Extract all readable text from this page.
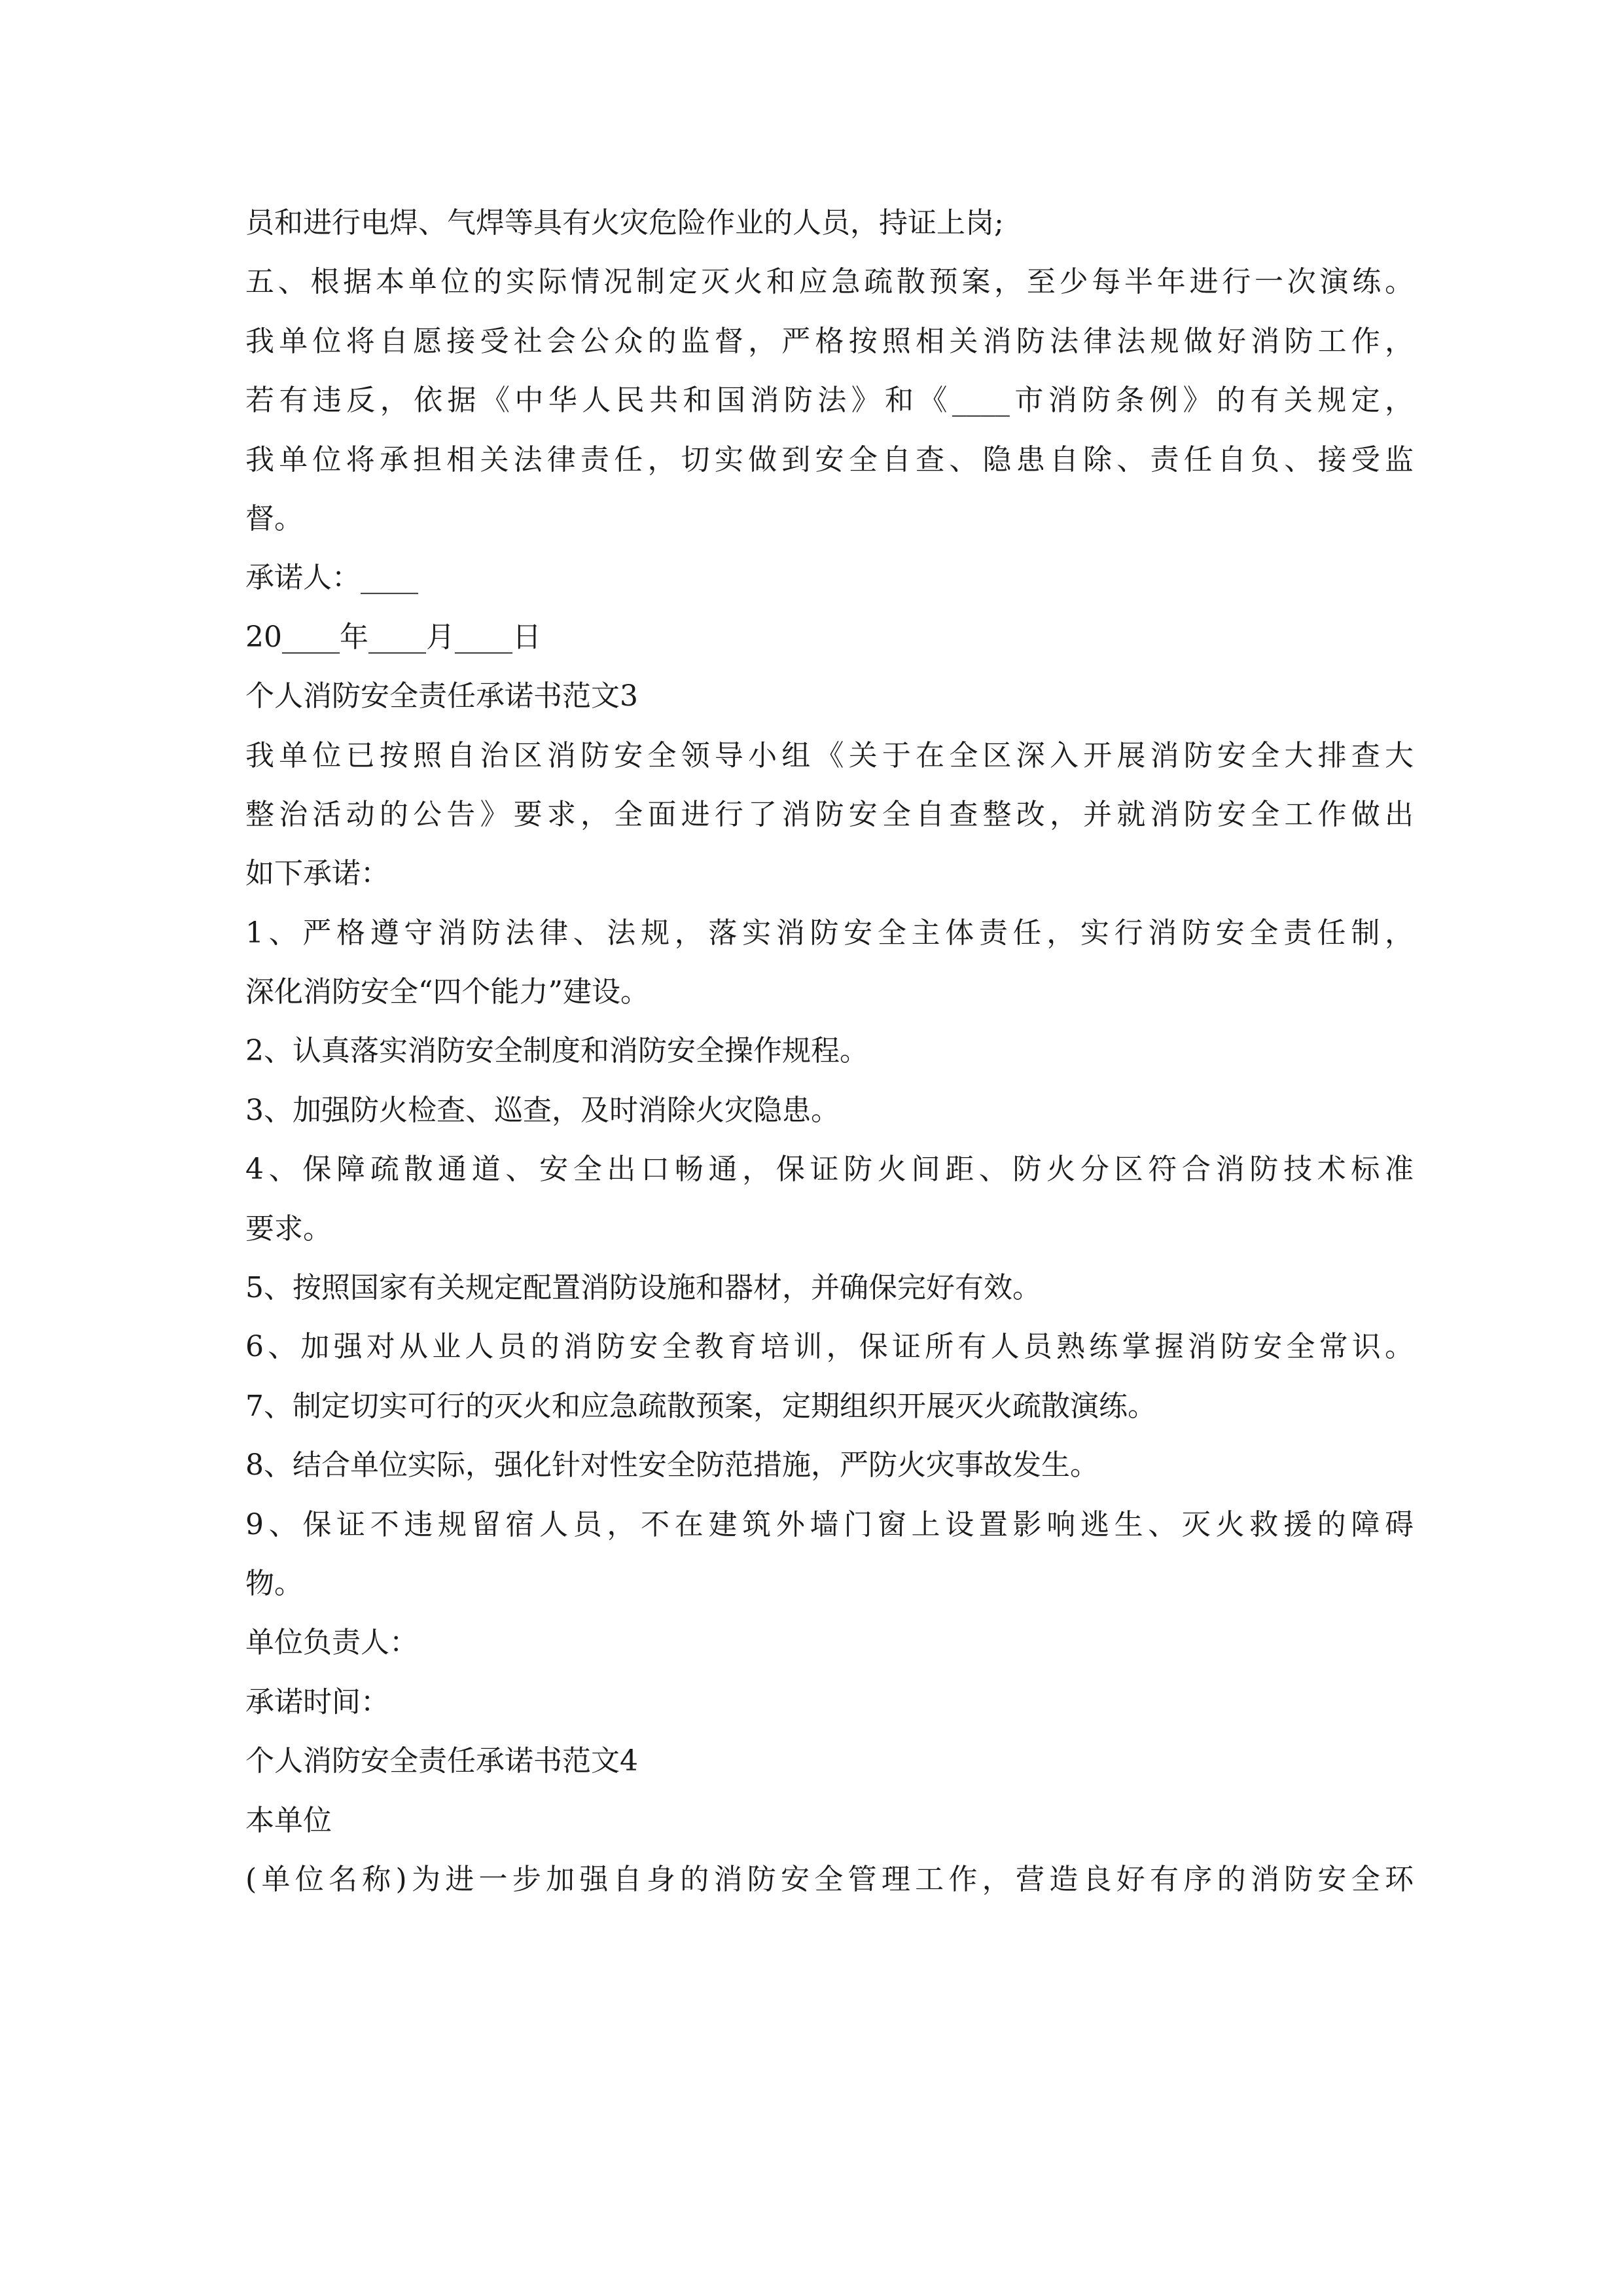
员和进行电焊、气焊等具有火灾危险作业的人员，持证上岗;

五、根据本单位的实际情况制定灭火和应急疏散预案，至少每半年进行一次演练。

我单位将自愿接受社会公众的监督，严格按照相关消防法律法规做好消防工作，

若有违反，依据《中华人民共和国消防法》和《____市消防条例》的有关规定，

我单位将承担相关法律责任，切实做到安全自查、隐患自除、责任自负、接受监

督。

承诺人：____

20____年____月____日

个人消防安全责任承诺书范文3

我单位已按照自治区消防安全领导小组《关于在全区深入开展消防安全大排查大

整治活动的公告》要求，全面进行了消防安全自查整改，并就消防安全工作做出

如下承诺：

1、严格遵守消防法律、法规，落实消防安全主体责任，实行消防安全责任制，

深化消防安全“四个能力”建设。

2、认真落实消防安全制度和消防安全操作规程。

3、加强防火检查、巡查，及时消除火灾隐患。

4、保障疏散通道、安全出口畅通，保证防火间距、防火分区符合消防技术标准

要求。

5、按照国家有关规定配置消防设施和器材，并确保完好有效。

6、加强对从业人员的消防安全教育培训，保证所有人员熟练掌握消防安全常识。

7、制定切实可行的灭火和应急疏散预案，定期组织开展灭火疏散演练。

8、结合单位实际，强化针对性安全防范措施，严防火灾事故发生。

9、保证不违规留宿人员，不在建筑外墙门窗上设置影响逃生、灭火救援的障碍

物。

单位负责人：

承诺时间：

个人消防安全责任承诺书范文4

本单位

(单位名称)为进一步加强自身的消防安全管理工作，营造良好有序的消防安全环
